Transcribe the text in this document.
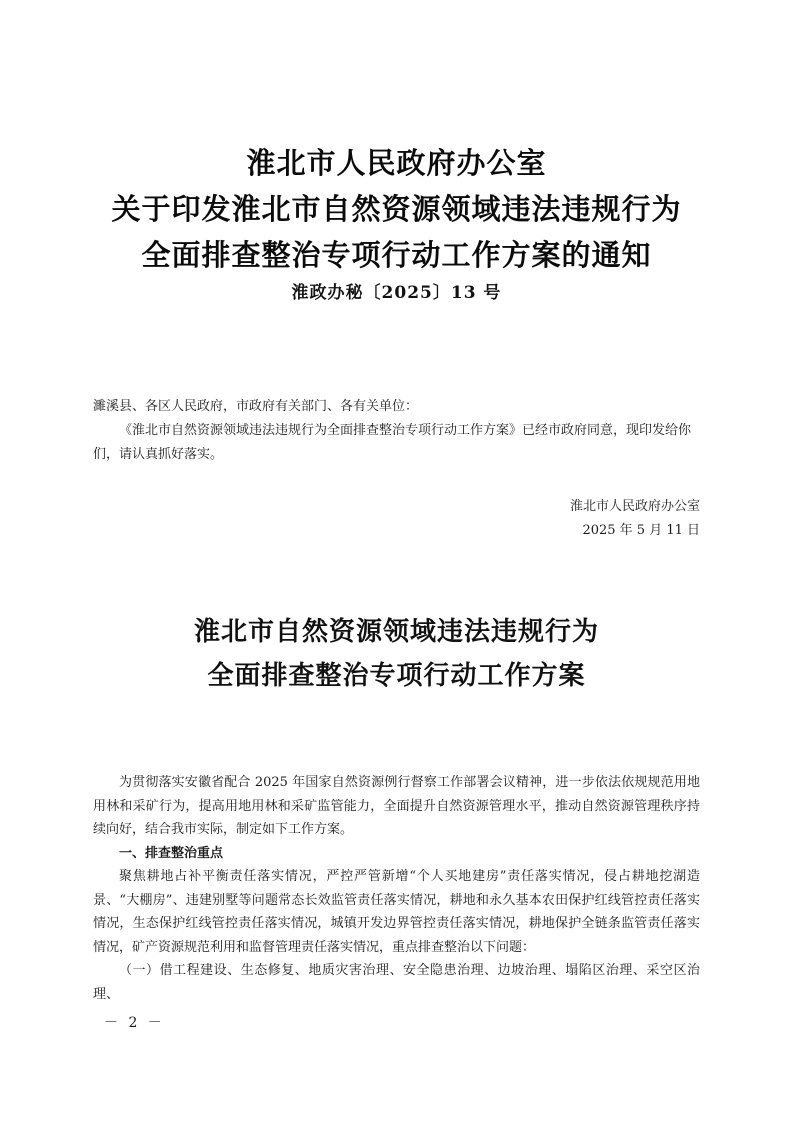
淮北市人民政府办公室
关于印发淮北市自然资源领域违法违规行为
全面排查整治专项行动工作方案的通知
淮政办秘〔2025〕13 号

濉溪县、各区人民政府，市政府有关部门、各有关单位：

《淮北市自然资源领域违法违规行为全面排查整治专项行动工作方案》已经市政府同意，现印发给你们，请认真抓好落实。

淮北市人民政府办公室
2025 年 5 月 11 日
淮北市自然资源领域违法违规行为
全面排查整治专项行动工作方案

为贯彻落实安徽省配合 2025 年国家自然资源例行督察工作部署会议精神，进一步依法依规规范用地用林和采矿行为，提高用地用林和采矿监管能力，全面提升自然资源管理水平，推动自然资源管理秩序持续向好，结合我市实际，制定如下工作方案。

一、排查整治重点

聚焦耕地占补平衡责任落实情况，严控严管新增“个人买地建房”责任落实情况，侵占耕地挖湖造景、“大棚房”、违建别墅等问题常态长效监管责任落实情况，耕地和永久基本农田保护红线管控责任落实情况，生态保护红线管控责任落实情况，城镇开发边界管控责任落实情况，耕地保护全链条监管责任落实情况，矿产资源规范利用和监督管理责任落实情况，重点排查整治以下问题：

（一）借工程建设、生态修复、地质灾害治理、安全隐患治理、边坡治理、塌陷区治理、采空区治理、

－ 2 －
